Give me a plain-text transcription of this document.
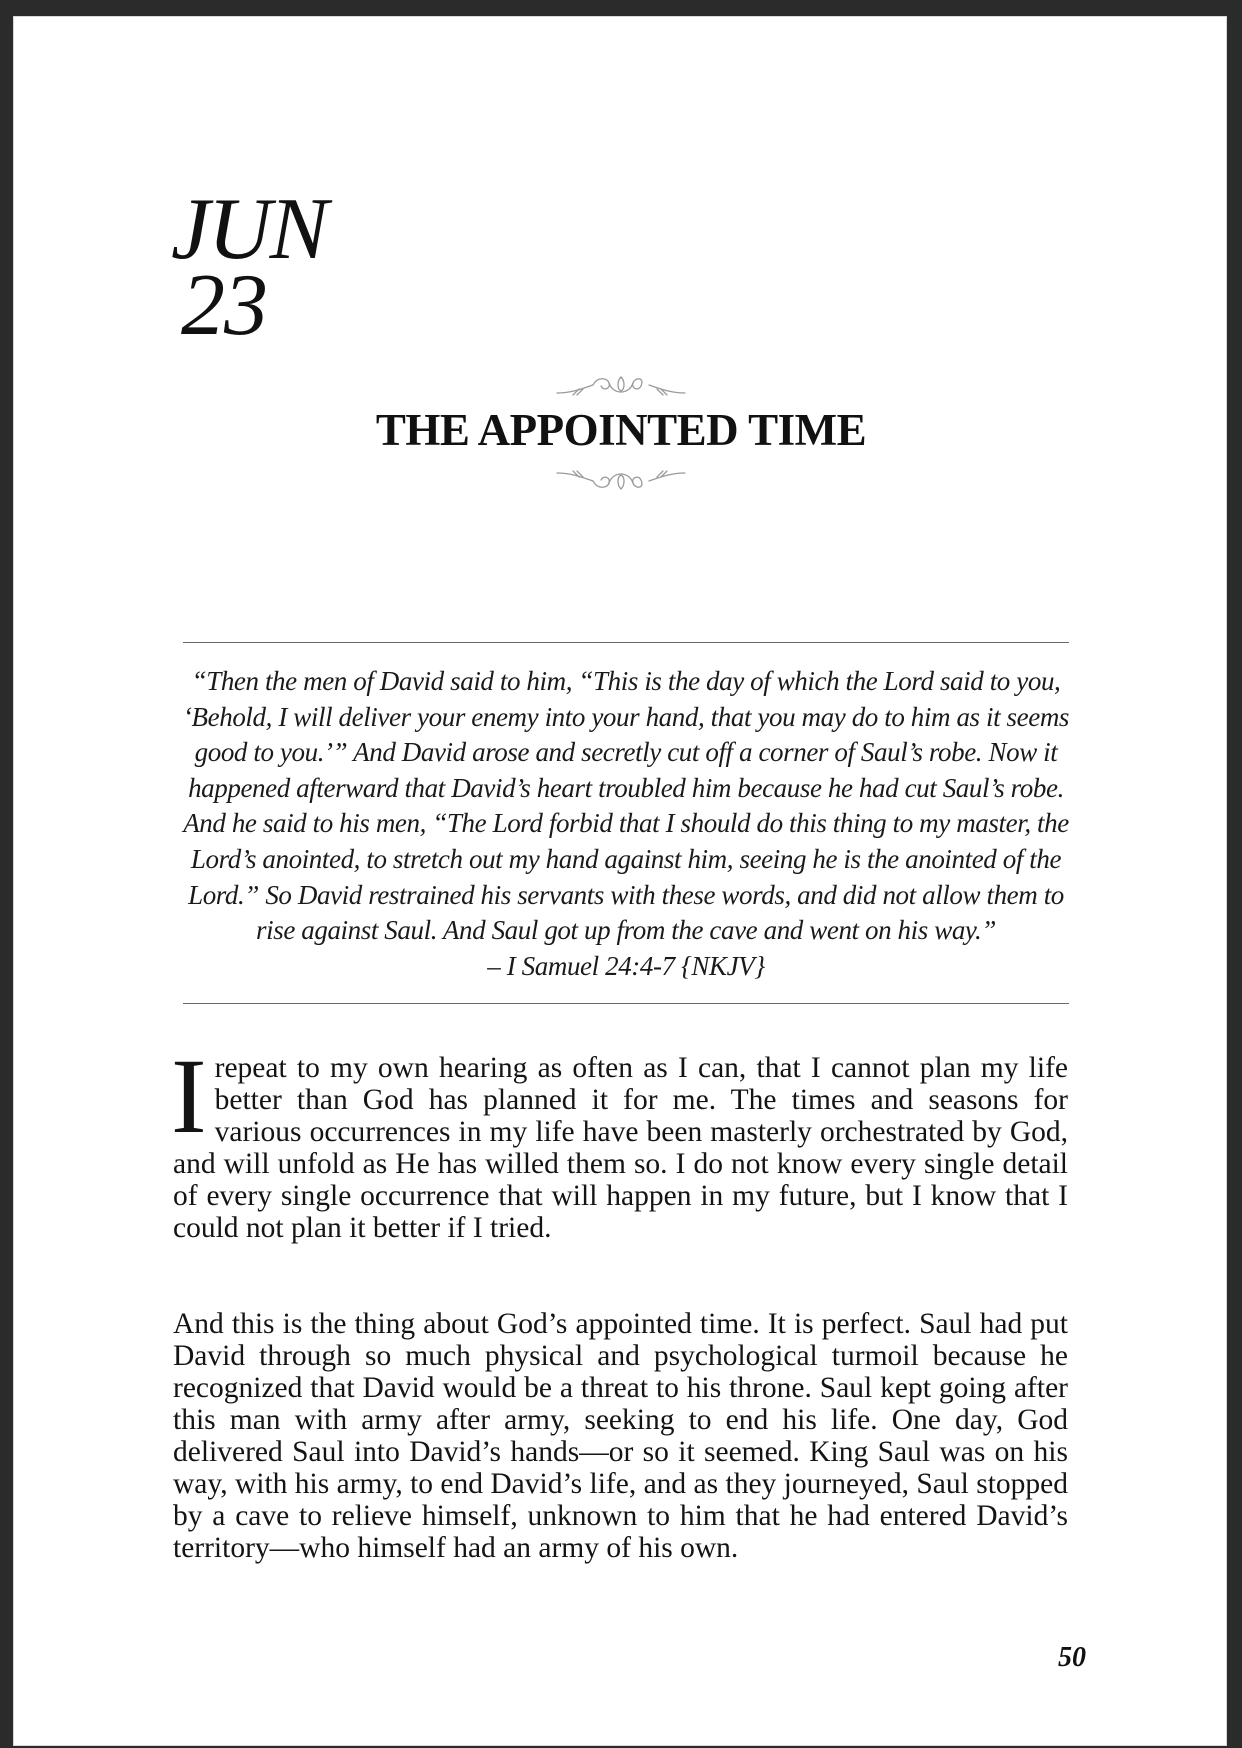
JUN
23
THE APPOINTED TIME

“Then the men of David said to him, “This is the day of which the Lord said to you, ‘Behold, I will deliver your enemy into your hand, that you may do to him as it seems good to you.’” And David arose and secretly cut off a corner of Saul’s robe. Now it happened afterward that David’s heart troubled him because he had cut Saul’s robe. And he said to his men, “The Lord forbid that I should do this thing to my master, the Lord’s anointed, to stretch out my hand against him, seeing he is the anointed of the Lord.” So David restrained his servants with these words, and did not allow them to rise against Saul. And Saul got up from the cave and went on his way.”
– I Samuel 24:4-7 {NKJV}

Irepeat to my own hearing as often as I can, that I cannot plan my life better than God has planned it for me. The times and seasons for various occurrences in my life have been masterly orchestrated by God, and will unfold as He has willed them so. I do not know every single detail of every single occurrence that will happen in my future, but I know that I could not plan it better if I tried.

And this is the thing about God’s appointed time. It is perfect. Saul had put David through so much physical and psychological turmoil because he recognized that David would be a threat to his throne. Saul kept going after this man with army after army, seeking to end his life. One day, God delivered Saul into David’s hands—or so it seemed. King Saul was on his way, with his army, to end David’s life, and as they journeyed, Saul stopped by a cave to relieve himself, unknown to him that he had entered David’s territory—who himself had an army of his own.

50
